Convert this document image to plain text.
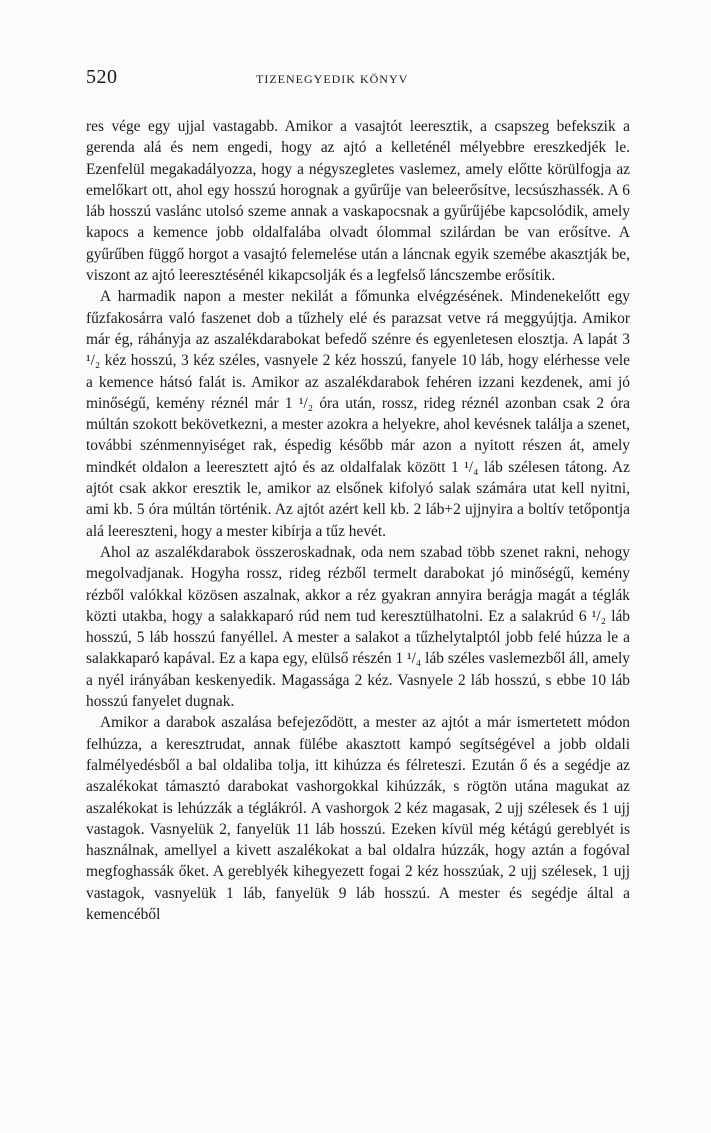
520	TIZENEGYEDIK KÖNYV

res vége egy ujjal vastagabb. Amikor a vasajtót leeresztik, a csapszeg befekszik a gerenda alá és nem engedi, hogy az ajtó a kelleténél mélyebbre ereszkedjék le. Ezenfelül megakadályozza, hogy a négyszegletes vaslemez, amely előtte körülfogja az emelőkart ott, ahol egy hosszú horognak a gyűrűje van beleerősítve, lecsúszhassék. A 6 láb hosszú vaslánc utolsó szeme annak a vaskapocsnak a gyűrűjébe kapcsolódik, amely kapocs a kemence jobb oldalfalába olvadt ólommal szilárdan be van erősítve. A gyűrűben függő horgot a vasajtó felemelése után a láncnak egyik szemébe akasztják be, viszont az ajtó leeresztésénél kikapcsolják és a legfelső láncszembe erősítik.

A harmadik napon a mester nekilát a főmunka elvégzésének. Mindenekelőtt egy fűzfakosárra való faszenet dob a tűzhely elé és parazsat vetve rá meggyújtja. Amikor már ég, ráhányja az aszalékdarabokat befedő szénre és egyenletesen elosztja. A lapát 3 ¹/₂ kéz hosszú, 3 kéz széles, vasnyele 2 kéz hosszú, fanyele 10 láb, hogy elérhesse vele a kemence hátsó falát is. Amikor az aszalékdarabok fehéren izzani kezdenek, ami jó minőségű, kemény réznél már 1 ¹/₂ óra után, rossz, rideg réznél azonban csak 2 óra múltán szokott bekövetkezni, a mester azokra a helyekre, ahol kevésnek találja a szenet, további szénmennyiséget rak, éspedig később már azon a nyitott részen át, amely mindkét oldalon a leeresztett ajtó és az oldalfalak között 1 ¹/₄ láb szélesen tátong. Az ajtót csak akkor eresztik le, amikor az elsőnek kifolyó salak számára utat kell nyitni, ami kb. 5 óra múltán történik. Az ajtót azért kell kb. 2 láb+2 ujjnyira a boltív tetőpontja alá leereszteni, hogy a mester kibírja a tűz hevét.

Ahol az aszalékdarabok összeroskadnak, oda nem szabad több szenet rakni, nehogy megolvadjanak. Hogyha rossz, rideg rézből termelt darabokat jó minőségű, kemény rézből valókkal közösen aszalnak, akkor a réz gyakran annyira berágja magát a téglák közti utakba, hogy a salakkaparó rúd nem tud keresztülhatolni. Ez a salakrúd 6 ¹/₂ láb hosszú, 5 láb hosszú fanyéllel. A mester a salakot a tűzhelytalptól jobb felé húzza le a salakkaparó kapával. Ez a kapa egy, elülső részén 1 ¹/₄ láb széles vaslemezből áll, amely a nyél irányában keskenyedik. Magassága 2 kéz. Vasnyele 2 láb hosszú, s ebbe 10 láb hosszú fanyelet dugnak.

Amikor a darabok aszalása befejeződött, a mester az ajtót a már ismertetett módon felhúzza, a keresztrudat, annak fülébe akasztott kampó segítségével a jobb oldali falmélyedésből a bal oldaliba tolja, itt kihúzza és félreteszi. Ezután ő és a segédje az aszalékokat támasztó darabokat vashorgokkal kihúzzák, s rögtön utána magukat az aszalékokat is lehúzzák a téglákról. A vashorgok 2 kéz magasak, 2 ujj szélesek és 1 ujj vastagok. Vasnyelük 2, fanyelük 11 láb hosszú. Ezeken kívül még kétágú gereblyét is használnak, amellyel a kivett aszalékokat a bal oldalra húzzák, hogy aztán a fogóval megfoghassák őket. A gereblyék kihegyezett fogai 2 kéz hosszúak, 2 ujj szélesek, 1 ujj vastagok, vasnyelük 1 láb, fanyelük 9 láb hosszú. A mester és segédje által a kemencéből
